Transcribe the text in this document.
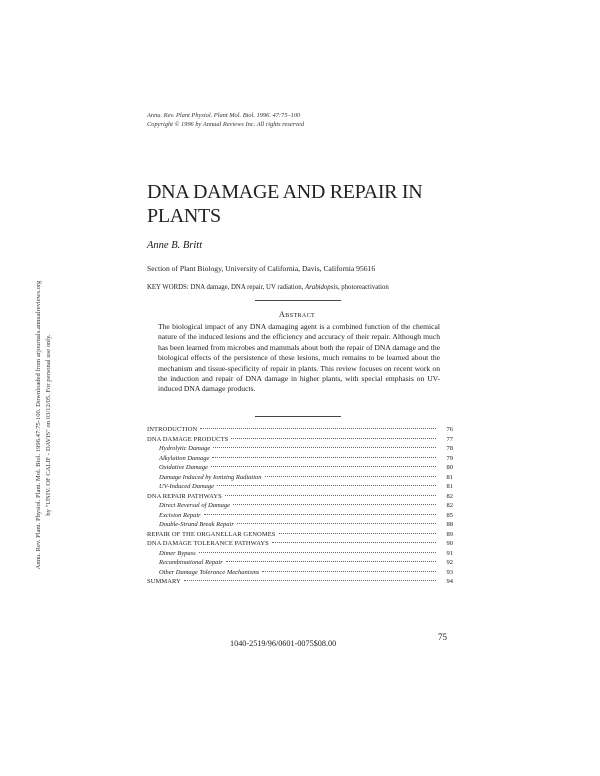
Annu. Rev. Plant Physiol. Plant Mol. Biol. 1996. 47:75–100
Copyright © 1996 by Annual Reviews Inc. All rights reserved
Annu. Rev. Plant. Physiol. Plant. Mol. Biol. 1996.47:75-100. Downloaded from arjournals.annualreviews.org by "UNIV. OF CALIF - DAVIS" on 03/12/05. For personal use only.
DNA DAMAGE AND REPAIR IN PLANTS
Anne B. Britt
Section of Plant Biology, University of California, Davis, California 95616
KEY WORDS: DNA damage, DNA repair, UV radiation, Arabidopsis, photoreactivation
Abstract
The biological impact of any DNA damaging agent is a combined function of the chemical nature of the induced lesions and the efficiency and accuracy of their repair. Although much has been learned from microbes and mammals about both the repair of DNA damage and the biological effects of the persistence of these lesions, much remains to be learned about the mechanism and tissue-specificity of repair in plants. This review focuses on recent work on the induction and repair of DNA damage in higher plants, with special emphasis on UV-induced DNA damage products.
INTRODUCTION	76
DNA DAMAGE PRODUCTS	77
Hydrolytic Damage	78
Alkylation Damage	79
Oxidative Damage	80
Damage Induced by Ionizing Radiation	81
UV-Induced Damage	81
DNA REPAIR PATHWAYS	82
Direct Reversal of Damage	82
Excision Repair	85
Double-Strand Break Repair	88
REPAIR OF THE ORGANELLAR GENOMES	89
DNA DAMAGE TOLERANCE PATHWAYS	90
Dimer Bypass	91
Recombinational Repair	92
Other Damage Tolerance Mechanisms	93
SUMMARY	94
1040-2519/96/0601-0075$08.00
75
